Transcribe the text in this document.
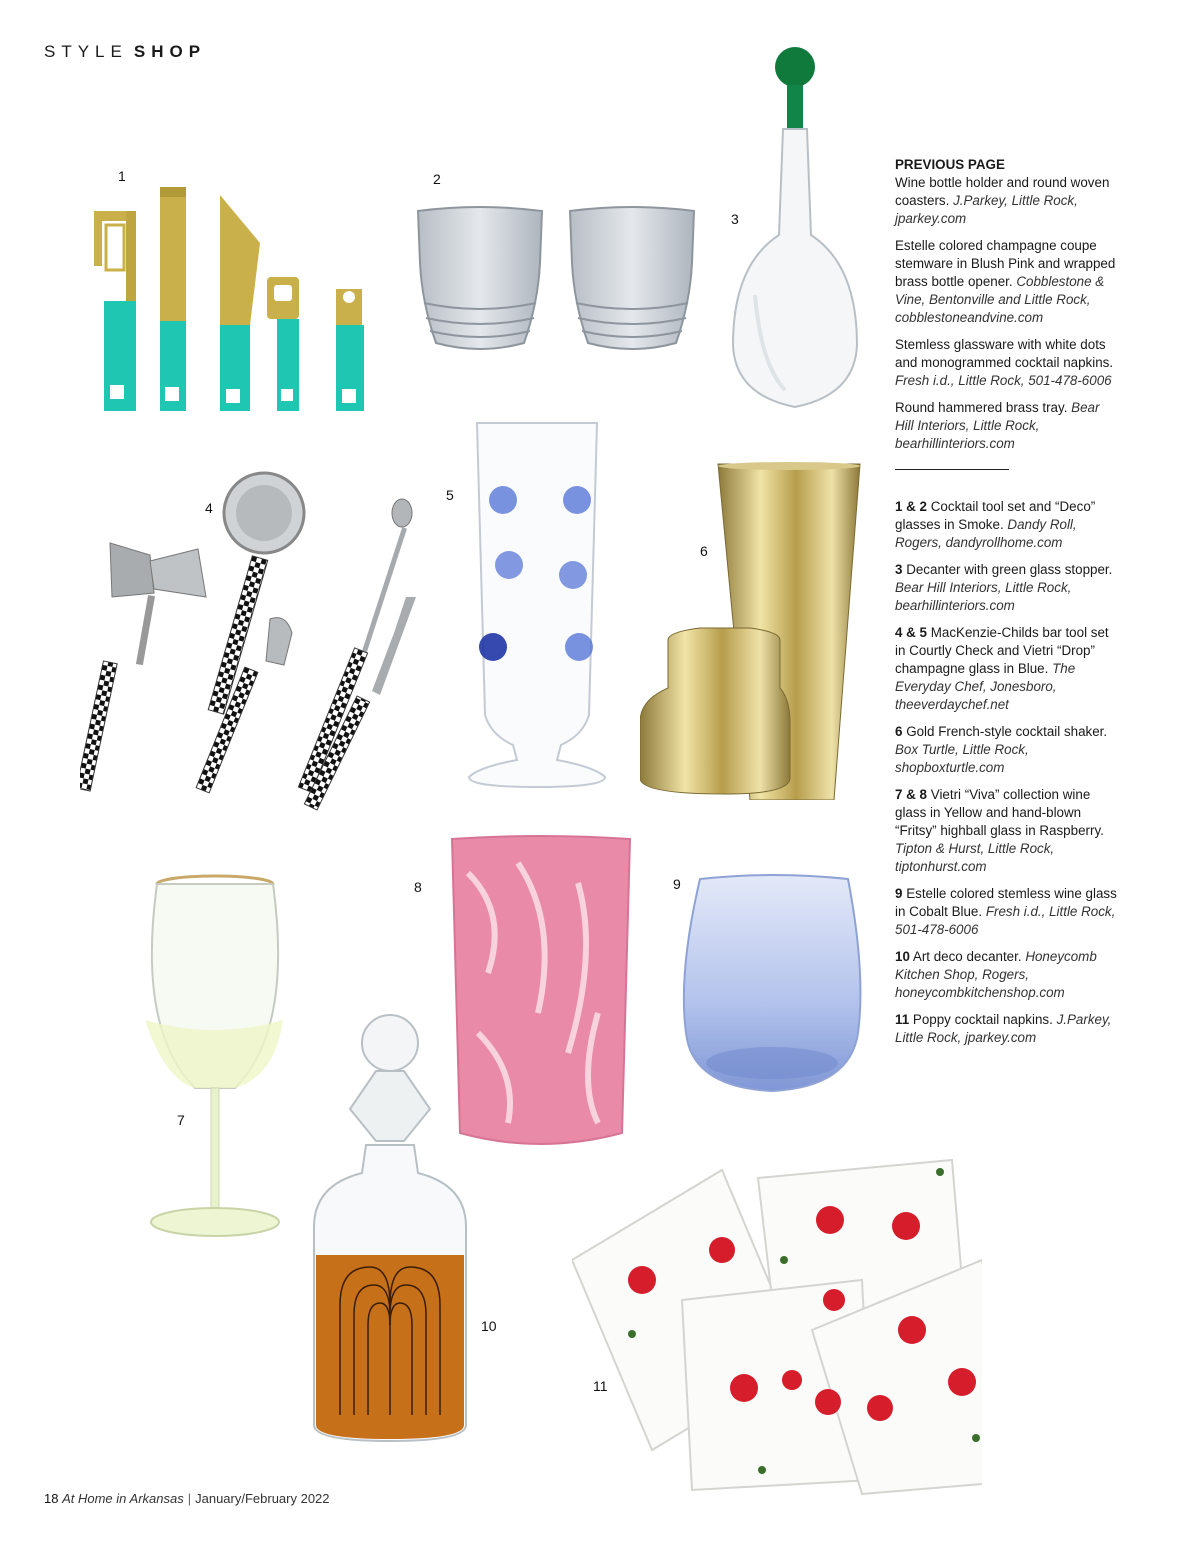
STYLE SHOP
1	2
3
4
5
6
7
8	9
10
11
PREVIOUS PAGE
Wine bottle holder and round woven coasters. J.Parkey, Little Rock, jparkey.com
Estelle colored champagne coupe stemware in Blush Pink and wrapped brass bottle opener. Cobblestone & Vine, Bentonville and Little Rock, cobblestoneandvine.com
Stemless glassware with white dots and monogrammed cocktail napkins. Fresh i.d., Little Rock, 501-478-6006
Round hammered brass tray. Bear Hill Interiors, Little Rock, bearhillinteriors.com
1 & 2 Cocktail tool set and “Deco” glasses in Smoke. Dandy Roll, Rogers, dandyrollhome.com
3 Decanter with green glass stopper. Bear Hill Interiors, Little Rock, bearhillinteriors.com
4 & 5 MacKenzie-Childs bar tool set in Courtly Check and Vietri “Drop” champagne glass in Blue. The Everyday Chef, Jonesboro, theeverdaychef.net
6 Gold French-style cocktail shaker. Box Turtle, Little Rock, shopboxturtle.com
7 & 8 Vietri “Viva” collection wine glass in Yellow and hand-blown “Fritsy” highball glass in Raspberry. Tipton & Hurst, Little Rock, tiptonhurst.com
9 Estelle colored stemless wine glass in Cobalt Blue. Fresh i.d., Little Rock, 501-478-6006
10 Art deco decanter. Honeycomb Kitchen Shop, Rogers, honeycombkitchenshop.com
11 Poppy cocktail napkins. J.Parkey, Little Rock, jparkey.com
18 At Home in Arkansas | January/February 2022
